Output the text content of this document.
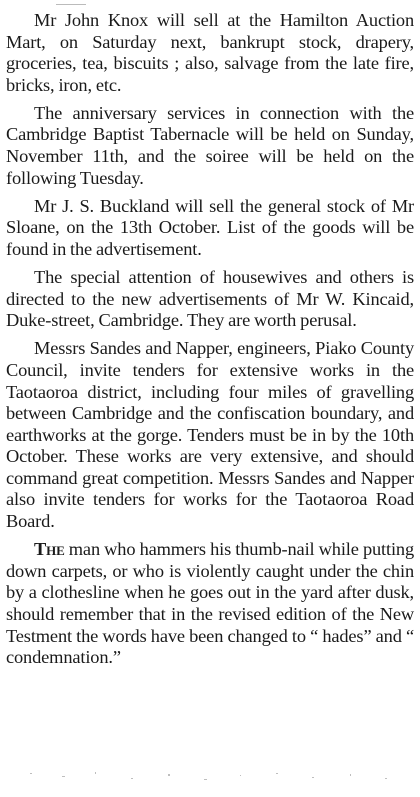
Mr John Knox will sell at the Hamilton Auction Mart, on Saturday next, bankrupt stock, drapery, groceries, tea, biscuits ; also, salvage from the late fire, bricks, iron, etc.

The anniversary services in connection with the Cambridge Baptist Tabernacle will be held on Sunday, November 11th, and the soiree will be held on the following Tuesday.

Mr J. S. Buckland will sell the general stock of Mr Sloane, on the 13th October. List of the goods will be found in the advertisement.

The special attention of housewives and others is directed to the new advertisements of Mr W. Kincaid, Duke-street, Cambridge. They are worth perusal.

Messrs Sandes and Napper, engineers, Piako County Council, invite tenders for extensive works in the Taotaoroa district, including four miles of gravelling between Cambridge and the confiscation boundary, and earthworks at the gorge. Tenders must be in by the 10th October. These works are very extensive, and should command great competition. Messrs Sandes and Napper also invite tenders for works for the Taotaoroa Road Board.

The man who hammers his thumb-nail while putting down carpets, or who is violently caught under the chin by a clothesline when he goes out in the yard after dusk, should remember that in the revised edition of the New Testment the words have been changed to “ hades” and “ condemnation.”
